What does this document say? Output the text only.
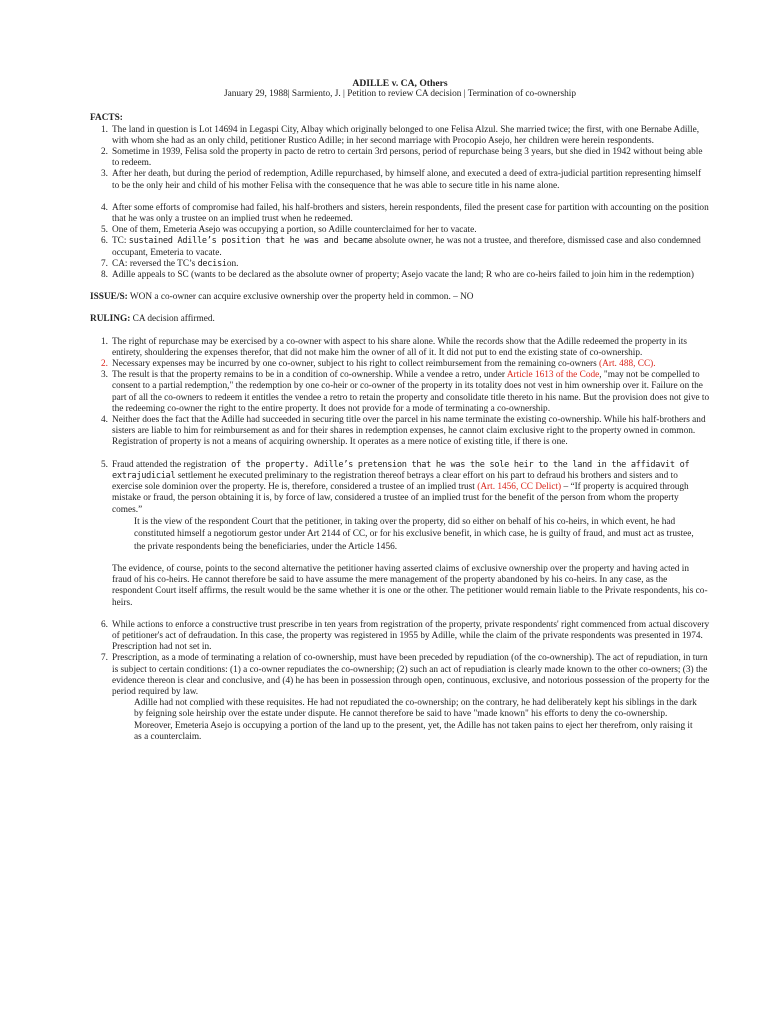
ADILLE v. CA, Others
January 29, 1988| Sarmiento, J. | Petition to review CA decision | Termination of co-ownership
FACTS:
1. The land in question is Lot 14694 in Legaspi City, Albay which originally belonged to one Felisa Alzul. She married twice; the first, with one Bernabe Adille, with whom she had as an only child, petitioner Rustico Adille; in her second marriage with Procopio Asejo, her children were herein respondents.
2. Sometime in 1939, Felisa sold the property in pacto de retro to certain 3rd persons, period of repurchase being 3 years, but she died in 1942 without being able to redeem.
3. After her death, but during the period of redemption, Adille repurchased, by himself alone, and executed a deed of extra-judicial partition representing himself to be the only heir and child of his mother Felisa with the consequence that he was able to secure title in his name alone.
4. After some efforts of compromise had failed, his half-brothers and sisters, herein respondents, filed the present case for partition with accounting on the position that he was only a trustee on an implied trust when he redeemed.
5. One of them, Emeteria Asejo was occupying a portion, so Adille counterclaimed for her to vacate.
6. TC: sustained Adille’s position that he was and became absolute owner, he was not a trustee, and therefore, dismissed case and also condemned occupant, Emeteria to vacate.
7. CA: reversed the TC’s decision.
8. Adille appeals to SC (wants to be declared as the absolute owner of property; Asejo vacate the land; R who are co-heirs failed to join him in the redemption)
ISSUE/S: WON a co-owner can acquire exclusive ownership over the property held in common. – NO
RULING: CA decision affirmed.
1. The right of repurchase may be exercised by a co-owner with aspect to his share alone. While the records show that the Adille redeemed the property in its entirety, shouldering the expenses therefor, that did not make him the owner of all of it. It did not put to end the existing state of co-ownership.
2. Necessary expenses may be incurred by one co-owner, subject to his right to collect reimbursement from the remaining co-owners (Art. 488, CC).
3. The result is that the property remains to be in a condition of co-ownership. While a vendee a retro, under Article 1613 of the Code, "may not be compelled to consent to a partial redemption," the redemption by one co-heir or co-owner of the property in its totality does not vest in him ownership over it. Failure on the part of all the co-owners to redeem it entitles the vendee a retro to retain the property and consolidate title thereto in his name. But the provision does not give to the redeeming co-owner the right to the entire property. It does not provide for a mode of terminating a co-ownership.
4. Neither does the fact that the Adille had succeeded in securing title over the parcel in his name terminate the existing co-ownership. While his half-brothers and sisters are liable to him for reimbursement as and for their shares in redemption expenses, he cannot claim exclusive right to the property owned in common. Registration of property is not a means of acquiring ownership. It operates as a mere notice of existing title, if there is one.
5. Fraud attended the registration of the property. Adille’s pretension that he was the sole heir to the land in the affidavit of extrajudicial settlement he executed preliminary to the registration thereof betrays a clear effort on his part to defraud his brothers and sisters and to exercise sole dominion over the property. He is, therefore, considered a trustee of an implied trust (Art. 1456, CC Delict) – “If property is acquired through mistake or fraud, the person obtaining it is, by force of law, considered a trustee of an implied trust for the benefit of the person from whom the property comes.”
It is the view of the respondent Court that the petitioner, in taking over the property, did so either on behalf of his co-heirs, in which event, he had constituted himself a negotiorum gestor under Art 2144 of CC, or for his exclusive benefit, in which case, he is guilty of fraud, and must act as trustee, the private respondents being the beneficiaries, under the Article 1456.
The evidence, of course, points to the second alternative the petitioner having asserted claims of exclusive ownership over the property and having acted in fraud of his co-heirs. He cannot therefore be said to have assume the mere management of the property abandoned by his co-heirs. In any case, as the respondent Court itself affirms, the result would be the same whether it is one or the other. The petitioner would remain liable to the Private respondents, his co-heirs.
6. While actions to enforce a constructive trust prescribe in ten years from registration of the property, private respondents' right commenced from actual discovery of petitioner's act of defraudation. In this case, the property was registered in 1955 by Adille, while the claim of the private respondents was presented in 1974. Prescription had not set in.
7. Prescription, as a mode of terminating a relation of co-ownership, must have been preceded by repudiation (of the co-ownership). The act of repudiation, in turn is subject to certain conditions: (1) a co-owner repudiates the co-ownership; (2) such an act of repudiation is clearly made known to the other co-owners; (3) the evidence thereon is clear and conclusive, and (4) he has been in possession through open, continuous, exclusive, and notorious possession of the property for the period required by law.
Adille had not complied with these requisites. He had not repudiated the co-ownership; on the contrary, he had deliberately kept his siblings in the dark by feigning sole heirship over the estate under dispute. He cannot therefore be said to have "made known" his efforts to deny the co-ownership. Moreover, Emeteria Asejo is occupying a portion of the land up to the present, yet, the Adille has not taken pains to eject her therefrom, only raising it as a counterclaim.
